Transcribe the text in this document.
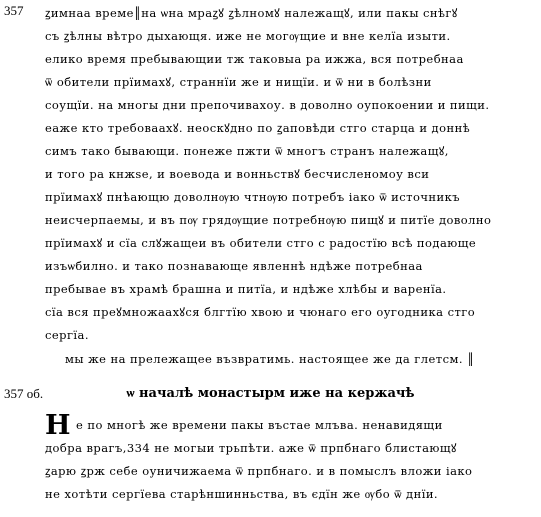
357
357 об.
ꙁимнаа време║на ѡна мраꙁꙋ ꙁѣлномꙋ належащꙋ, или пакы снѣгꙋ
съ ꙁѣлны вѣтро дыхающя. иже не могѹщие и вне келїа изыти.
елико время пребывающии тж таковыа ра ижжа, вся потребнаа
ѿ обители прїимахꙋ, страннїи же и нищїи. и ѿ ни в болѣзни
соущїи. на многы дни препочивахоу. в доволно оупокоении и пищи.
еаже кто требоваахꙋ. неоскꙋдно по ꙁаповѣди стго старца и доннѣ
симъ тако бывающи. понеже пжти ѿ многъ странъ належащꙋ,
и того ра кнжѕе, и воевода и вонньствꙋ бесчисленомоу вси
прїимахꙋ пнѣающю доволнѹю чтнѹю потребъ іако ѿ источникъ
неисчерпаемы, и въ пѹ грядѹщие потребнѹю пищꙋ и питїе доволно
прїимахꙋ и сїа слꙋжащеи въ обители стго с радостїю всѣ подающе
изъѡбилно. и тако познавающе явленнѣ ндѣже потребнаа
пребывае въ храмѣ брашна и питїа, и ндѣже хлѣбы и варенїа.
сїа вся преꙋмножаахꙋся блгтїю хвою и чюнаго его оугодника стго
сергїа.
мы же на прележащее възвратимь. настоящее же да глетсм. ║
ѡ началѣ монастырм иже на кержачѣ
Н е по многѣ же времени пакы въстае млъва. ненавидящи
добра врагъ,334 не могыи трьпѣти. аже ѿ прпбнаго блистающꙋ
ꙁарю ꙁрж себе оуничижаема ѿ прпбнаго. и в помыслъ вложи іако
не хотѣти сергїева старѣншинньства, въ єдїн же ѹбо ѿ днїи.
